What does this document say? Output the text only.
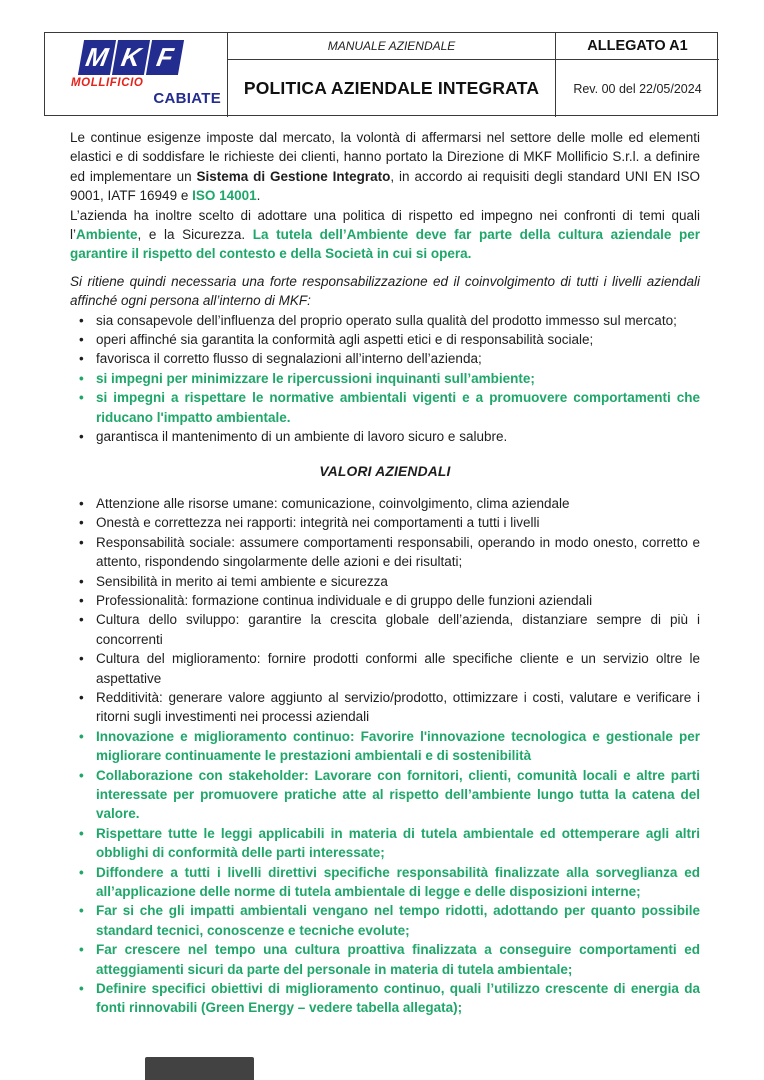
M K F
MOLLIFICIO
CABIATE
MANUALE AZIENDALE
POLITICA AZIENDALE INTEGRATA
ALLEGATO A1
Rev. 00 del 22/05/2024

Le continue esigenze imposte dal mercato, la volontà di affermarsi nel settore delle molle ed elementi elastici e di soddisfare le richieste dei clienti, hanno portato la Direzione di MKF Mollificio S.r.l. a definire ed implementare un Sistema di Gestione Integrato, in accordo ai requisiti degli standard UNI EN ISO 9001, IATF 16949 e ISO 14001.

L’azienda ha inoltre scelto di adottare una politica di rispetto ed impegno nei confronti di temi quali l’Ambiente, e la Sicurezza. La tutela dell’Ambiente deve far parte della cultura aziendale per garantire il rispetto del contesto e della Società in cui si opera.

Si ritiene quindi necessaria una forte responsabilizzazione ed il coinvolgimento di tutti i livelli aziendali affinché ogni persona all’interno di MKF:

• sia consapevole dell’influenza del proprio operato sulla qualità del prodotto immesso sul mercato;
• operi affinché sia garantita la conformità agli aspetti etici e di responsabilità sociale;
• favorisca il corretto flusso di segnalazioni all’interno dell’azienda;
• si impegni per minimizzare le ripercussioni inquinanti sull’ambiente;
• si impegni a rispettare le normative ambientali vigenti e a promuovere comportamenti che riducano l'impatto ambientale.
• garantisca il mantenimento di un ambiente di lavoro sicuro e salubre.
VALORI AZIENDALI
• Attenzione alle risorse umane: comunicazione, coinvolgimento, clima aziendale
• Onestà e correttezza nei rapporti: integrità nei comportamenti a tutti i livelli
• Responsabilità sociale: assumere comportamenti responsabili, operando in modo onesto, corretto e attento, rispondendo singolarmente delle azioni e dei risultati;
• Sensibilità in merito ai temi ambiente e sicurezza
• Professionalità: formazione continua individuale e di gruppo delle funzioni aziendali
• Cultura dello sviluppo: garantire la crescita globale dell’azienda, distanziare sempre di più i concorrenti
• Cultura del miglioramento: fornire prodotti conformi alle specifiche cliente e un servizio oltre le aspettative
• Redditività: generare valore aggiunto al servizio/prodotto, ottimizzare i costi, valutare e verificare i ritorni sugli investimenti nei processi aziendali
• Innovazione e miglioramento continuo: Favorire l'innovazione tecnologica e gestionale per migliorare continuamente le prestazioni ambientali e di sostenibilità
• Collaborazione con stakeholder: Lavorare con fornitori, clienti, comunità locali e altre parti interessate per promuovere pratiche atte al rispetto dell’ambiente lungo tutta la catena del valore.
• Rispettare tutte le leggi applicabili in materia di tutela ambientale ed ottemperare agli altri obblighi di conformità delle parti interessate;
• Diffondere a tutti i livelli direttivi specifiche responsabilità finalizzate alla sorveglianza ed all’applicazione delle norme di tutela ambientale di legge e delle disposizioni interne;
• Far si che gli impatti ambientali vengano nel tempo ridotti, adottando per quanto possibile standard tecnici, conoscenze e tecniche evolute;
• Far crescere nel tempo una cultura proattiva finalizzata a conseguire comportamenti ed atteggiamenti sicuri da parte del personale in materia di tutela ambientale;
• Definire specifici obiettivi di miglioramento continuo, quali l’utilizzo crescente di energia da fonti rinnovabili (Green Energy – vedere tabella allegata);
